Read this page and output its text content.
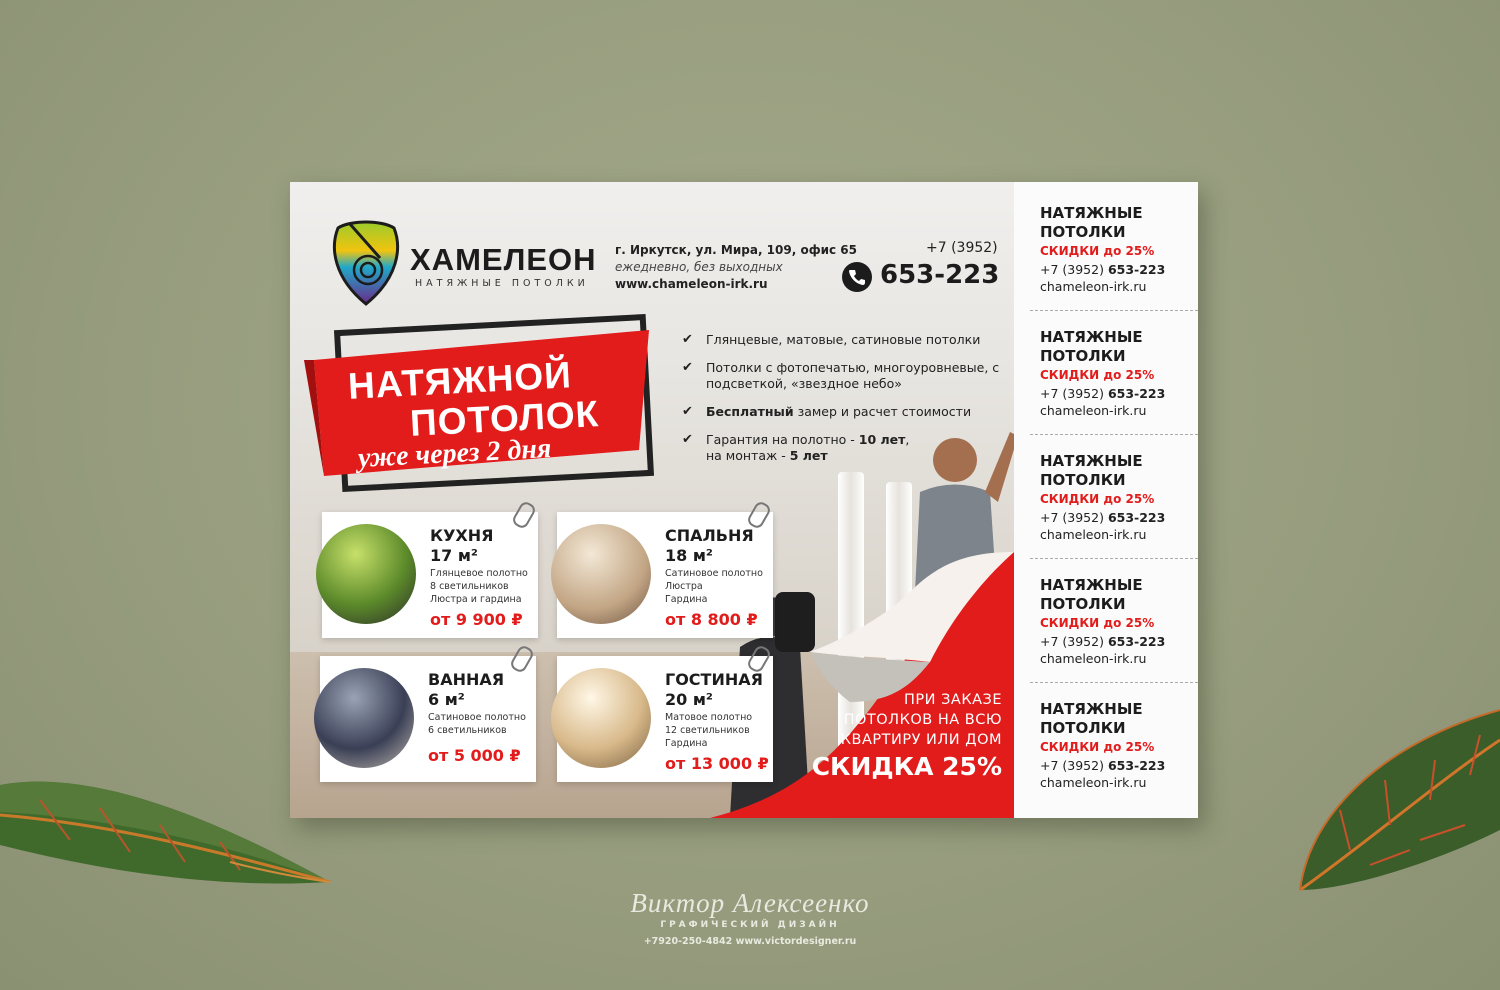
ПРИ ЗАКАЗЕ
ПОТОЛКОВ НА ВСЮ
КВАРТИРУ ИЛИ ДОМ
СКИДКА 25%
ХАМЕЛЕОН
НАТЯЖНЫЕ ПОТОЛКИ
г. Иркутск, ул. Мира, 109, офис 65
ежедневно, без выходных
www.chameleon-irk.ru
+7 (3952)
653-223
НАТЯЖНОЙ
ПОТОЛОК
уже через 2 дня
✔ Глянцевые, матовые, сатиновые потолки
✔ Потолки с фотопечатью, многоуровневые, с подсветкой, «звездное небо»
✔ Бесплатный замер и расчет стоимости
✔ Гарантия на полотно - 10 лет,
на монтаж - 5 лет
КУХНЯ
17 м²
Глянцевое полотно
8 светильников
Люстра и гардина
от 9 900 ₽
СПАЛЬНЯ
18 м²
Сатиновое полотно
Люстра
Гардина
от 8 800 ₽
ВАННАЯ
6 м²
Сатиновое полотно
6 светильников
от 5 000 ₽
ГОСТИНАЯ
20 м²
Матовое полотно
12 светильников
Гардина
от 13 000 ₽
НАТЯЖНЫЕ
ПОТОЛКИ
СКИДКИ до 25%
+7 (3952) 653-223
chameleon-irk.ru
НАТЯЖНЫЕ
ПОТОЛКИ
СКИДКИ до 25%
+7 (3952) 653-223
chameleon-irk.ru
НАТЯЖНЫЕ
ПОТОЛКИ
СКИДКИ до 25%
+7 (3952) 653-223
chameleon-irk.ru
НАТЯЖНЫЕ
ПОТОЛКИ
СКИДКИ до 25%
+7 (3952) 653-223
chameleon-irk.ru
НАТЯЖНЫЕ
ПОТОЛКИ
СКИДКИ до 25%
+7 (3952) 653-223
chameleon-irk.ru
Виктор Алексеенко
ГРАФИЧЕСКИЙ ДИЗАЙН
+7920-250-4842 www.victordesigner.ru
